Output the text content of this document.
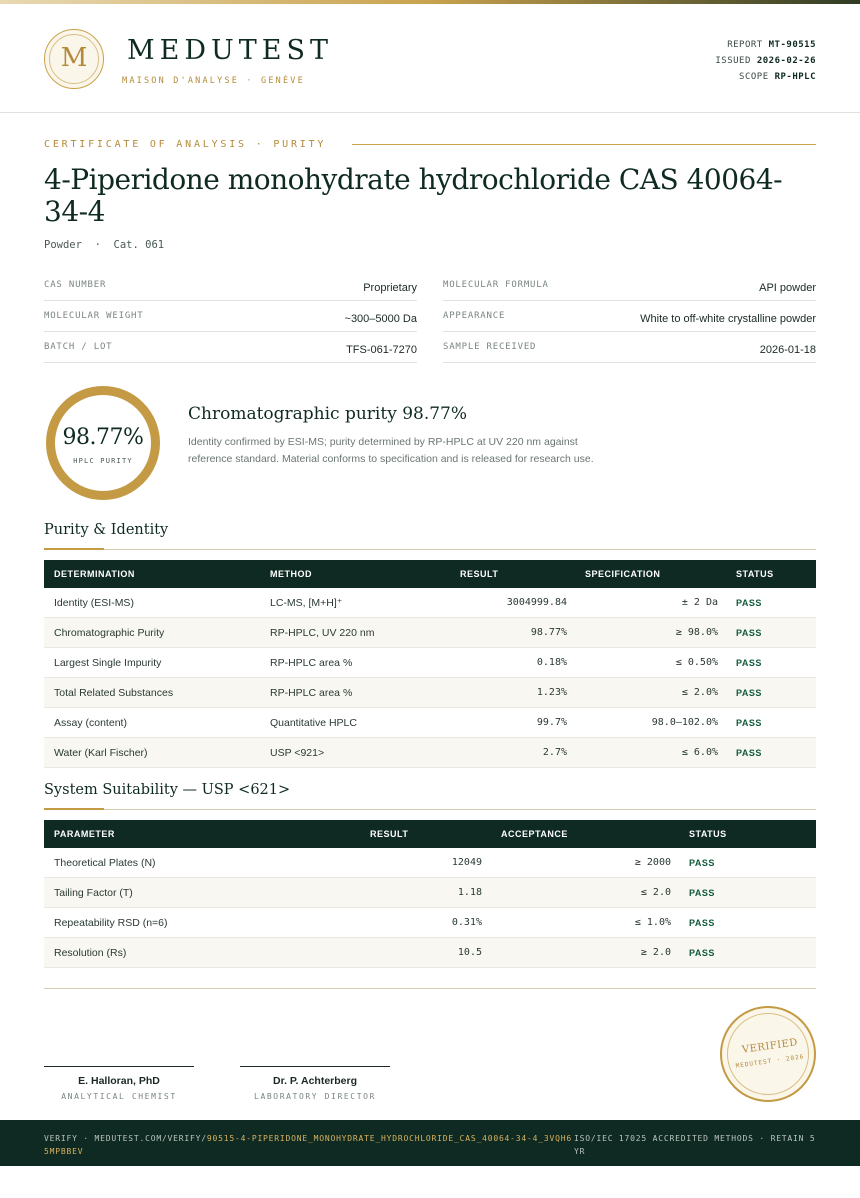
M	MEDUTEST
MAISON D'ANALYSE · GENÈVE
REPORT MT-90515
ISSUED 2026-02-26
SCOPE RP-HPLC
CERTIFICATE OF ANALYSIS · PURITY
4-Piperidone monohydrate hydrochloride CAS 40064-34-4
Powder  ·  Cat. 061
CAS NUMBER	Proprietary	MOLECULAR FORMULA	API powder
MOLECULAR WEIGHT	~300–5000 Da	APPEARANCE	White to off-white crystalline powder
BATCH / LOT	TFS-061-7270	SAMPLE RECEIVED	2026-01-18
98.77%
HPLC PURITY
Chromatographic purity 98.77%
Identity confirmed by ESI-MS; purity determined by RP-HPLC at UV 220 nm against reference standard. Material conforms to specification and is released for research use.
Purity & Identity
DETERMINATION	METHOD	RESULT	SPECIFICATION	STATUS
Identity (ESI-MS)	LC-MS, [M+H]⁺	3004999.84	± 2 Da PASS
Chromatographic Purity	RP-HPLC, UV 220 nm	98.77%	≥ 98.0% PASS
Largest Single Impurity	RP-HPLC area %	0.18%	≤ 0.50% PASS
Total Related Substances	RP-HPLC area %	1.23%	≤ 2.0% PASS
Assay (content)	Quantitative HPLC	99.7%	98.0–102.0% PASS
Water (Karl Fischer)	USP <921>	2.7%	≤ 6.0% PASS
System Suitability — USP <621>
PARAMETER	RESULT	ACCEPTANCE	STATUS
Theoretical Plates (N)	12049	≥ 2000 PASS
Tailing Factor (T)	1.18	≤ 2.0 PASS
Repeatability RSD (n=6)	0.31%	≤ 1.0% PASS
Resolution (Rs)	10.5	≥ 2.0 PASS
E. Halloran, PhD
ANALYTICAL CHEMIST
Dr. P. Achterberg
LABORATORY DIRECTOR
VERIFIED
MEDUTEST · 2026
VERIFY · MEDUTEST.COM/VERIFY/90515-4-PIPERIDONE_MONOHYDRATE_HYDROCHLORIDE_CAS_40064-34-4_3VQH65MPBBEV
ISO/IEC 17025 ACCREDITED METHODS · RETAIN 5 YR
